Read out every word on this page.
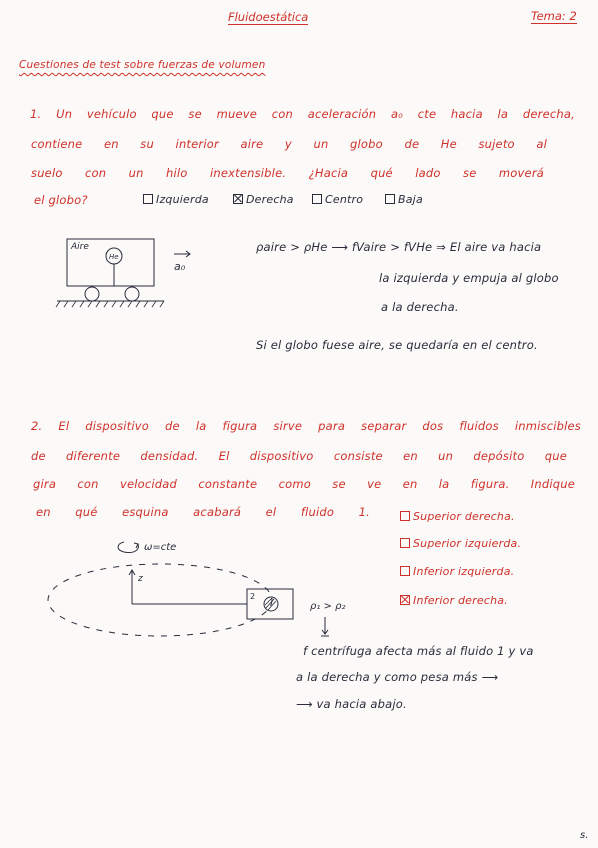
Fluidoestática	Tema: 2
Cuestiones de test sobre fuerzas de volumen
1. Un vehículo que se mueve con aceleración a₀ cte hacia la derecha,
contiene en su interior aire y un globo de He sujeto al
suelo con un hilo inextensible. ¿Hacia qué lado se moverá
el globo?	Izquierda	Derecha	Centro	Baja
Aire
He
a₀
ρaire > ρHe ⟶ fVaire > fVHe ⇒ El aire va hacia
la izquierda y empuja al globo
a la derecha.
Si el globo fuese aire, se quedaría en el centro.
2. El dispositivo de la figura sirve para separar dos fluidos inmiscibles
de diferente densidad. El dispositivo consiste en un depósito que
gira con velocidad constante como se ve en la figura. Indique
en qué esquina acabará el fluido 1.	Superior derecha.
Superior izquierda.
Inferior izquierda.
Inferior derecha.
ω=cte
z
2
ρ₁ > ρ₂
f centrífuga afecta más al fluido 1 y va
a la derecha y como pesa más ⟶
⟶ va hacia abajo.
s.
